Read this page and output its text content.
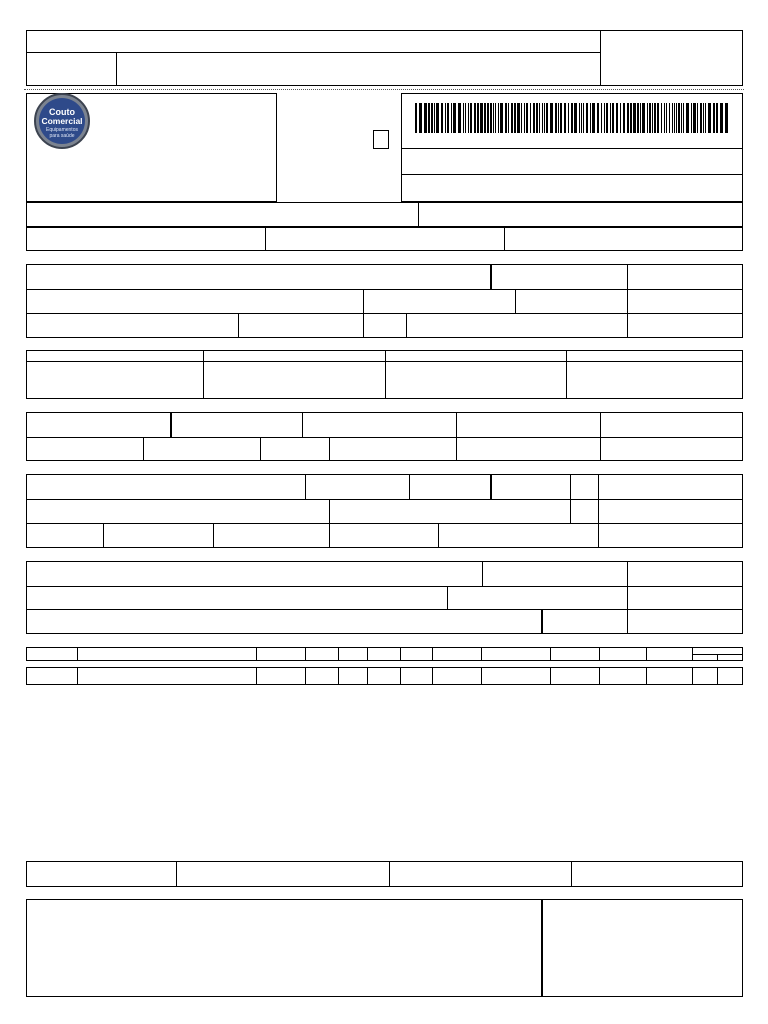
Couto
Comercial
Equipamentos
para saúde
